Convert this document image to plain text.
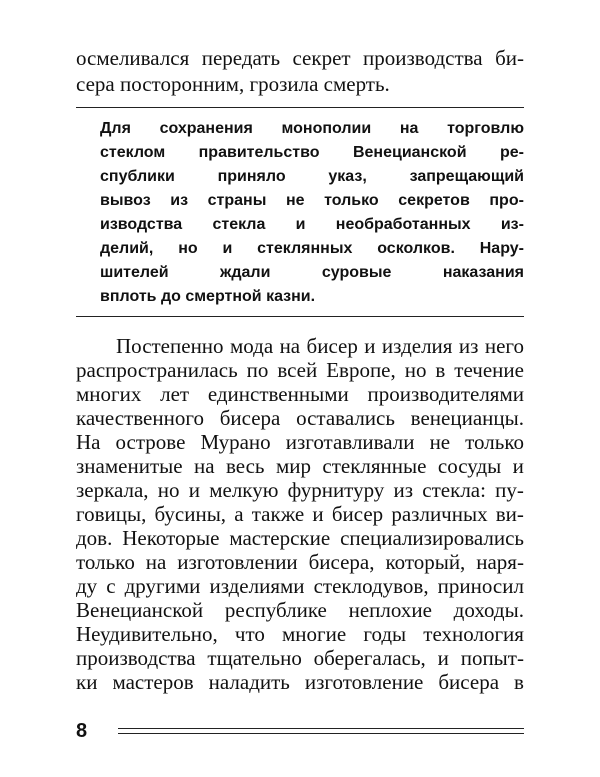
осмеливался передать секрет производства би-
сера посторонним, грозила смерть.
Для сохранения монополии на торговлю
стеклом правительство Венецианской ре-
спублики	приняло	указ,	запрещающий
вывоз из страны не только секретов про-
изводства стекла и необработанных из-
делий, но и стеклянных осколков. Нару-
шителей	ждали	суровые	наказания
вплоть до смертной казни.
Постепенно мода на бисер и изделия из него
распространилась по всей Европе, но в течение
многих лет единственными производителями
качественного бисера оставались венецианцы.
На острове Мурано изготавливали не только
знаменитые на весь мир стеклянные сосуды и
зеркала, но и мелкую фурнитуру из стекла: пу-
говицы, бусины, а также и бисер различных ви-
дов. Некоторые мастерские специализировались
только на изготовлении бисера, который, наря-
ду с другими изделиями стеклодувов, приносил
Венецианской республике неплохие доходы.
Неудивительно, что многие годы технология
производства тщательно оберегалась, и попыт-
ки мастеров наладить изготовление бисера в
8
